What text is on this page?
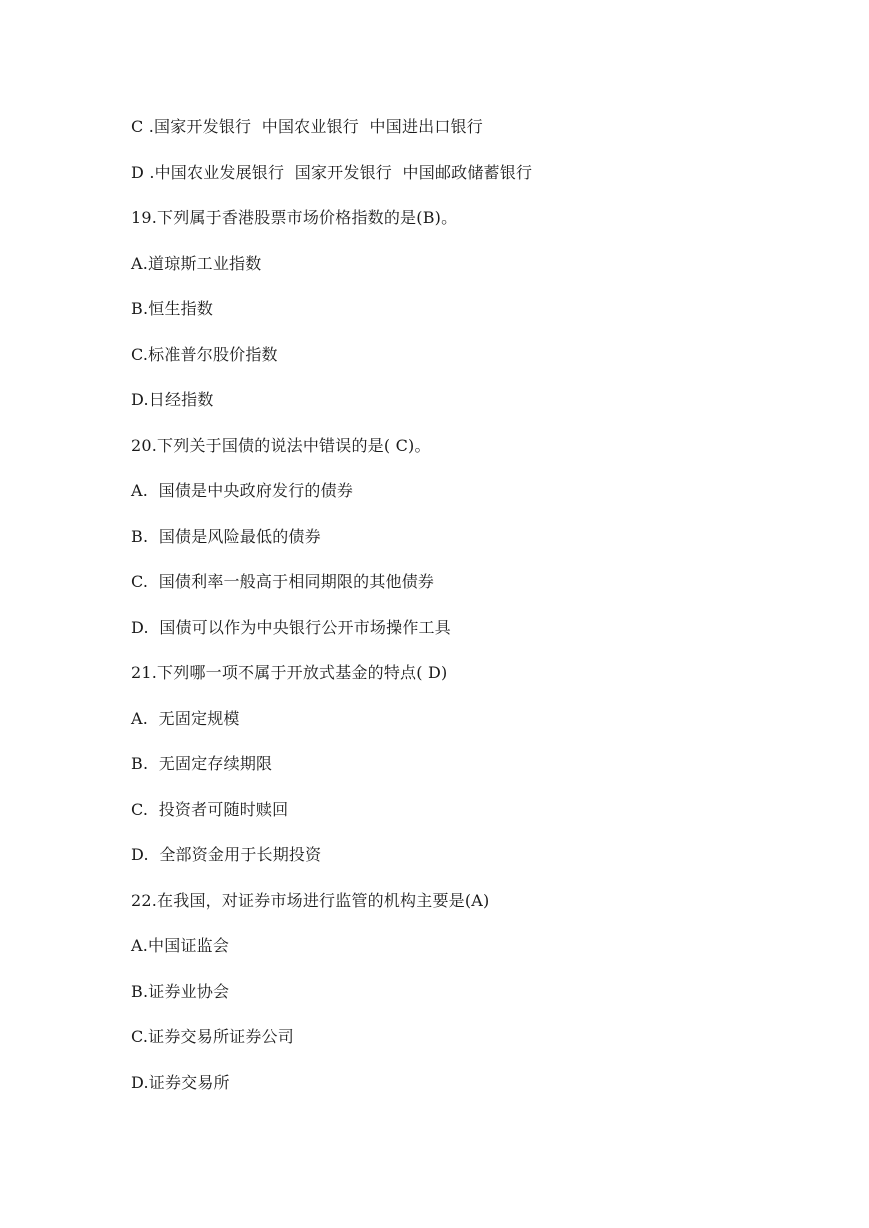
C .国家开发银行  中国农业银行  中国进出口银行
D .中国农业发展银行  国家开发银行  中国邮政储蓄银行
19.下列属于香港股票市场价格指数的是(B)。
A.道琼斯工业指数
B.恒生指数
C.标准普尔股价指数
D.日经指数
20.下列关于国债的说法中错误的是( C)。
A.  国债是中央政府发行的债券
B.  国债是风险最低的债券
C.  国债利率一般高于相同期限的其他债券
D.  国债可以作为中央银行公开市场操作工具
21.下列哪一项不属于开放式基金的特点( D)
A.  无固定规模
B.  无固定存续期限
C.  投资者可随时赎回
D.  全部资金用于长期投资
22.在我国，对证券市场进行监管的机构主要是(A)
A.中国证监会
B.证券业协会
C.证券交易所证券公司
D.证券交易所
